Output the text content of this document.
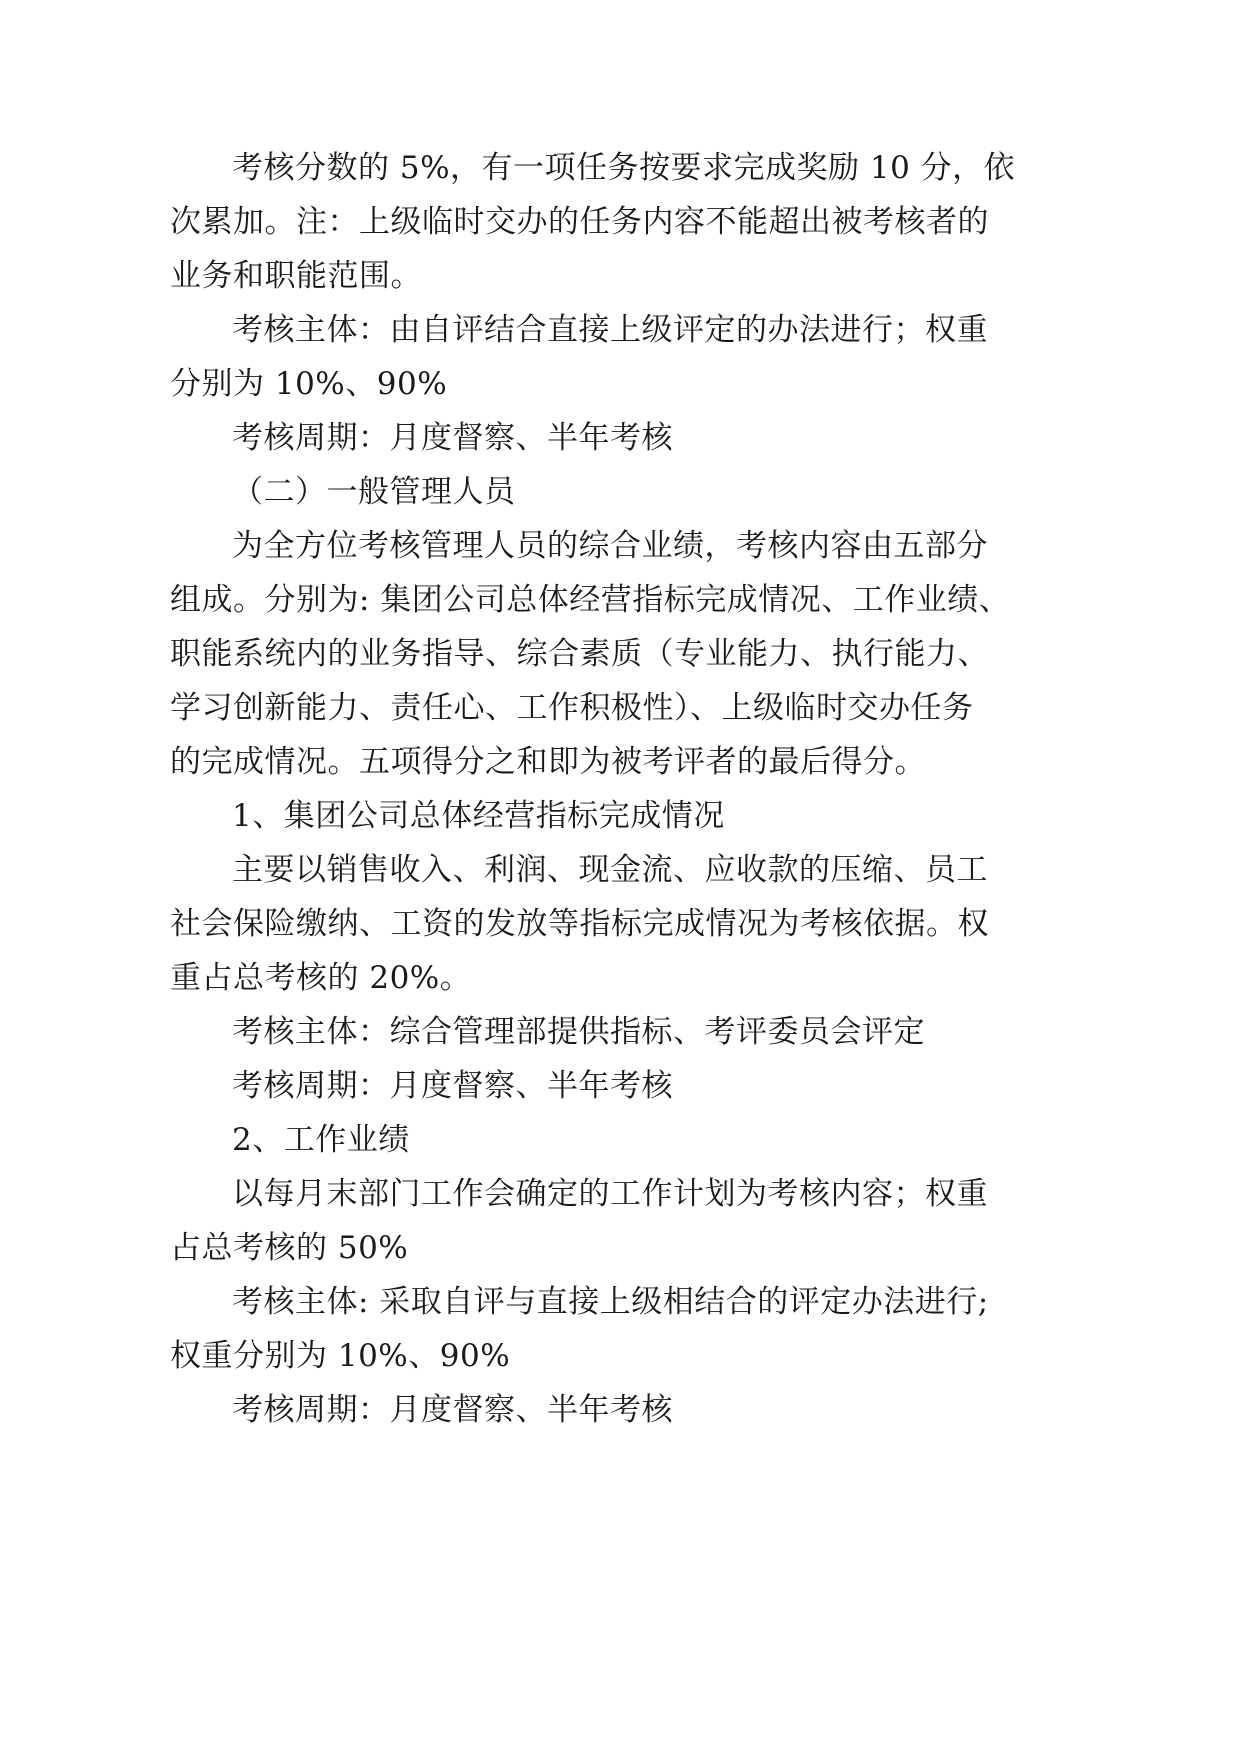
考核分数的 5%，有一项任务按要求完成奖励 10 分，依
次累加。注：上级临时交办的任务内容不能超出被考核者的
业务和职能范围。
考核主体：由自评结合直接上级评定的办法进行；权重
分别为 10%、90%
考核周期：月度督察、半年考核
（二）一般管理人员
为全方位考核管理人员的综合业绩，考核内容由五部分
组成。分别为: 集团公司总体经营指标完成情况、工作业绩、
职能系统内的业务指导、综合素质（专业能力、执行能力、
学习创新能力、责任心、工作积极性）、上级临时交办任务
的完成情况。五项得分之和即为被考评者的最后得分。
1、集团公司总体经营指标完成情况
主要以销售收入、利润、现金流、应收款的压缩、员工
社会保险缴纳、工资的发放等指标完成情况为考核依据。权
重占总考核的 20%。
考核主体：综合管理部提供指标、考评委员会评定
考核周期：月度督察、半年考核
2、工作业绩
以每月末部门工作会确定的工作计划为考核内容；权重
占总考核的 50%
考核主体: 采取自评与直接上级相结合的评定办法进行;
权重分别为 10%、90%
考核周期：月度督察、半年考核
